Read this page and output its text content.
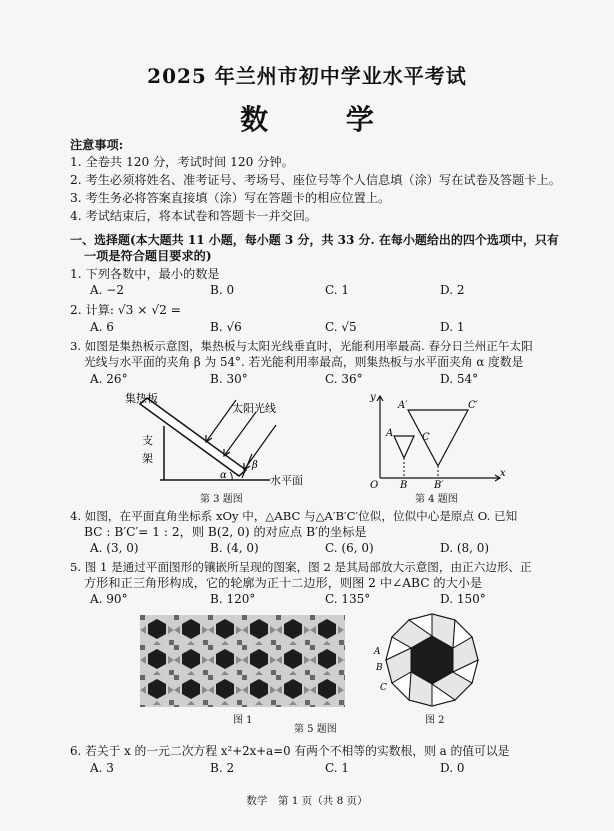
2025 年兰州市初中学业水平考试
数 学
注意事项:
1. 全卷共 120 分，考试时间 120 分钟。
2. 考生必须将姓名、准考证号、考场号、座位号等个人信息填（涂）写在试卷及答题卡上。
3. 考生务必将答案直接填（涂）写在答题卡的相应位置上。
4. 考试结束后，将本试卷和答题卡一并交回。
一、选择题(本大题共 11 小题，每小题 3 分，共 33 分. 在每小题给出的四个选项中，只有
一项是符合题目要求的)
1. 下列各数中，最小的数是
A. −2	B. 0	C. 1	D. 2
2. 计算: √3 × √2 =
A. 6	B. √6	C. √5	D. 1
3. 如图是集热板示意图，集热板与太阳光线垂直时，光能利用率最高. 春分日兰州正午太阳
光线与水平面的夹角 β 为 54°. 若光能利用率最高，则集热板与水平面夹角 α 度数是
A. 26°	B. 30°	C. 36°	D. 54°
集热板
太阳光线
支
架
α
β
水平面
第 3 题图
y
x
O
A′	C′
A	C
B	B′
第 4 题图
4. 如图，在平面直角坐标系 xOy 中，△ABC 与△A′B′C′位似，位似中心是原点 O. 已知
BC : B′C′= 1 : 2，则 B(2, 0) 的对应点 B′的坐标是
A. (3, 0)	B. (4, 0)	C. (6, 0)	D. (8, 0)
5. 图 1 是通过平面图形的镶嵌所呈现的图案，图 2 是其局部放大示意图，由正六边形、正
方形和正三角形构成，它的轮廓为正十二边形，则图 2 中∠ABC 的大小是
A. 90°	B. 120°	C. 135°	D. 150°
图 1
A
B
C
图 2
第 5 题图
6. 若关于 x 的一元二次方程 x²+2x+a=0 有两个不相等的实数根，则 a 的值可以是
A. 3	B. 2	C. 1	D. 0
数学　第 1 页（共 8 页）
